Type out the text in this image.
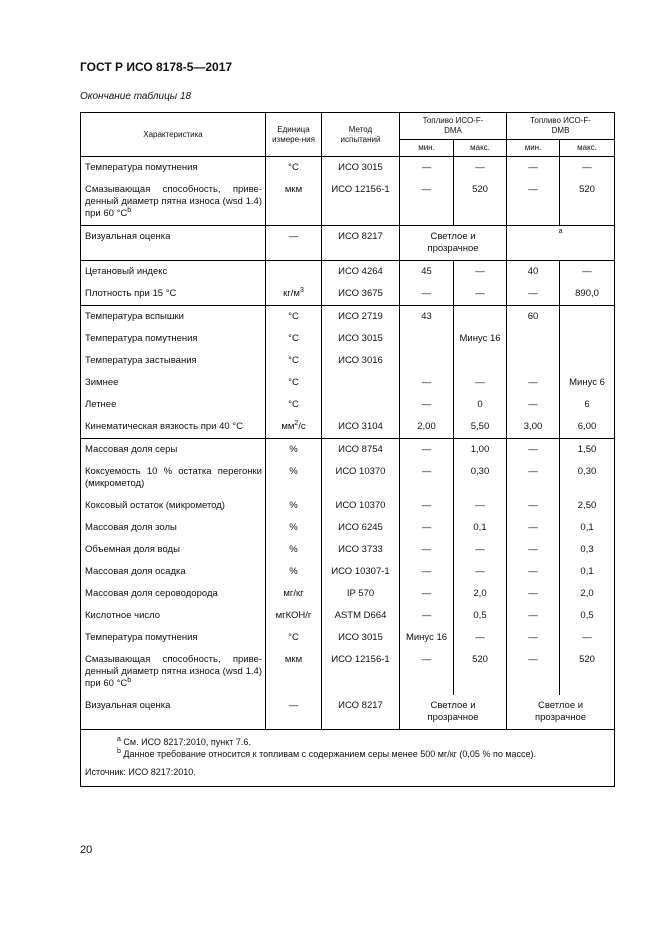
ГОСТ Р ИСО 8178-5—2017
Окончание таблицы 18
Характеристика	Единица измере-ния	Метод испытаний	Топливо ИСО-F-DMA		Топливо ИСО-F-DMB	
			мин.	макс.	мин.	макс.
Температура помутнения	°С	ИСО 3015	—	—	—	—
Смазывающая способность, приве-денный диаметр пятна износа (wsd 1.4) при 60 $^\circ С^b$	мкм	ИСО 12156-1	—	520	—	520
Визуальная оценка	—	ИСО 8217	Светлое и прозрачное		$^a$
Цетановый индекс		ИСО 4264	45	—	40	—
Плотность при 15 °С	$кг/м^3$	ИСО 3675	—	—	—	890,0
Температура вспышки	°С	ИСО 2719	43		60	
Температура помутнения	°С	ИСО 3015		Минус 16		
Температура застывания	°С	ИСО 3016				
Зимнее	°С		—	—	—	Минус 6
Летнее	°С		—	0	—	6
Кинематическая вязкость при 40 °С	$мм^2/с$	ИСО 3104	2,00	5,50	3,00	6,00
Массовая доля серы	%	ИСО 8754	—	1,00	—	1,50
Коксуемость 10 % остатка перегонки (микрометод)	%	ИСО 10370	—	0,30	—	0,30
Коксовый остаток (микрометод)	%	ИСО 10370	—	—	—	2,50
Массовая доля золы	%	ИСО 6245	—	0,1	—	0,1
Объемная доля воды	%	ИСО 3733	—	—	—	0,3
Массовая доля осадка	%	ИСО 10307-1	—	—	—	0,1
Массовая доля сероводорода	мг/кг	IP 570	—	2,0	—	2,0
Кислотное число	мгКОН/г	ASTM D664	—	0,5	—	0,5
Температура помутнения	°С	ИСО 3015	Минус 16	—	—	—
Смазывающая способность, приве-денный диаметр пятна износа (wsd 1.4) при 60 $^\circ С^b$	мкм	ИСО 12156-1	—	520	—	520
Визуальная оценка	—	ИСО 8217	Светлое и прозрачное		Светлое и прозрачное	

$^a$ См. ИСО 8217:2010, пункт 7.6.
$^b$ Данное требование относится к топливам с содержанием серы менее 500 мг/кг (0,05 % по массе).
Источник: ИСО 8217:2010.						
20
